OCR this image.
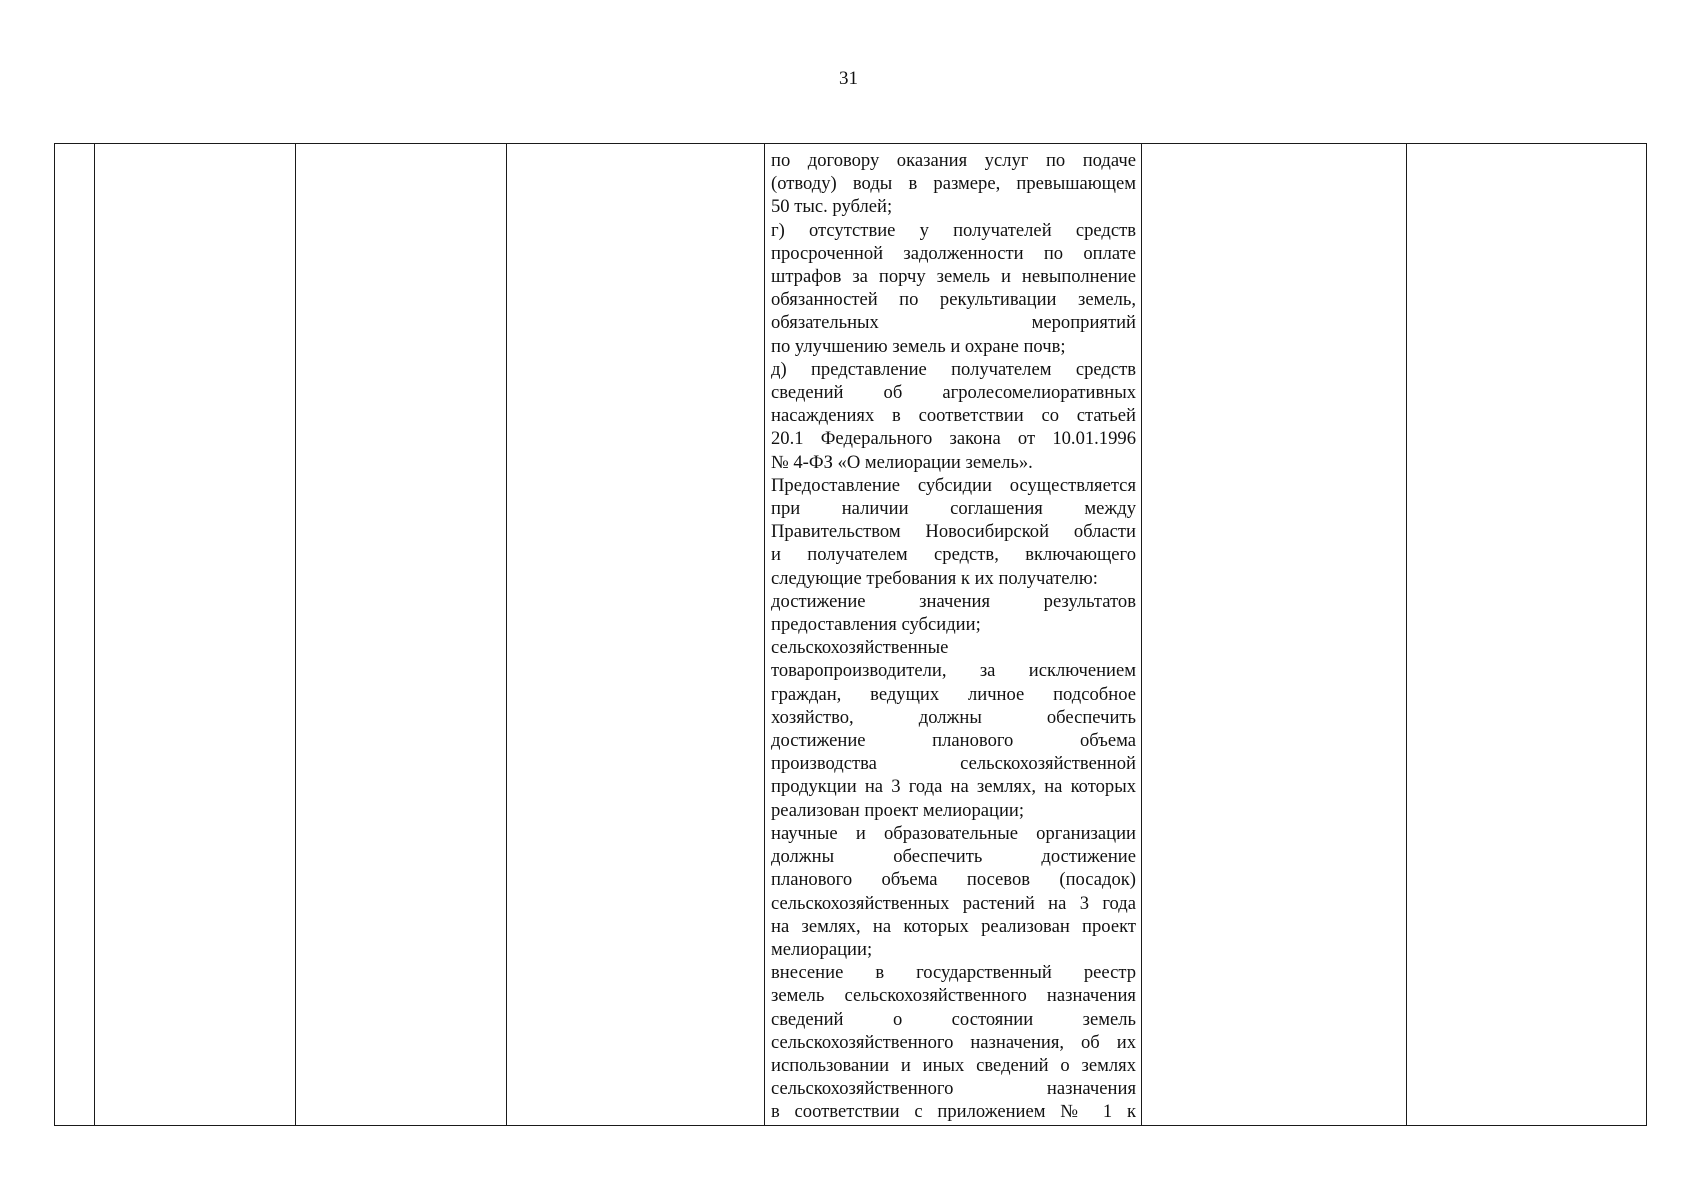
31

по договору оказания услуг по подаче
(отводу) воды в размере, превышающем
50 тыс. рублей;
г) отсутствие у получателей средств
просроченной задолженности по оплате
штрафов за порчу земель и невыполнение
обязанностей по рекультивации земель,
обязательных мероприятий
по улучшению земель и охране почв;
д) представление получателем средств
сведений об агролесомелиоративных
насаждениях в соответствии со статьей
20.1 Федерального закона от 10.01.1996
№ 4-ФЗ «О мелиорации земель».
Предоставление субсидии осуществляется
при наличии соглашения между
Правительством Новосибирской области
и получателем средств, включающего
следующие требования к их получателю:
достижение значения результатов
предоставления субсидии;
сельскохозяйственные
товаропроизводители, за исключением
граждан, ведущих личное подсобное
хозяйство, должны обеспечить
достижение планового объема
производства сельскохозяйственной
продукции на 3 года на землях, на которых
реализован проект мелиорации;
научные и образовательные организации
должны обеспечить достижение
планового объема посевов (посадок)
сельскохозяйственных растений на 3 года
на землях, на которых реализован проект
мелиорации;
внесение в государственный реестр
земель сельскохозяйственного назначения
сведений о состоянии земель
сельскохозяйственного назначения, об их
использовании и иных сведений о землях
сельскохозяйственного назначения
в соответствии с приложением № 1 к
